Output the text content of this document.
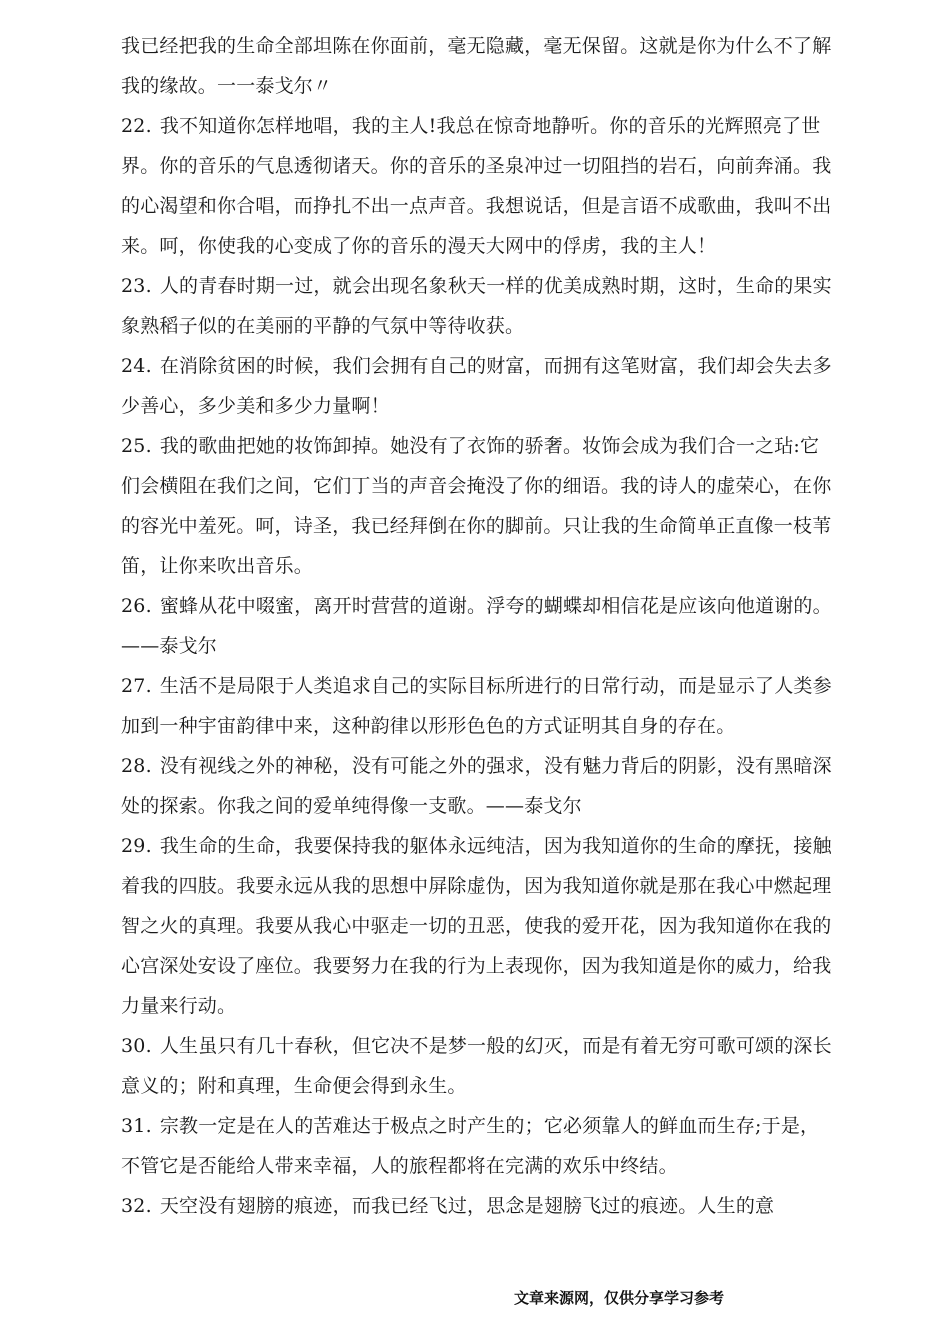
我已经把我的生命全部坦陈在你面前，毫无隐藏，毫无保留。这就是你为什么不了解我的缘故。一一泰戈尔〃

22. 我不知道你怎样地唱，我的主人!我总在惊奇地静听。你的音乐的光辉照亮了世界。你的音乐的气息透彻诸天。你的音乐的圣泉冲过一切阻挡的岩石，向前奔涌。我的心渴望和你合唱，而挣扎不出一点声音。我想说话，但是言语不成歌曲，我叫不出来。呵，你使我的心变成了你的音乐的漫天大网中的俘虏，我的主人！

23. 人的青春时期一过，就会出现名象秋天一样的优美成熟时期，这时，生命的果实象熟稻子似的在美丽的平静的气氛中等待收获。

24. 在消除贫困的时候，我们会拥有自己的财富，而拥有这笔财富，我们却会失去多少善心，多少美和多少力量啊！

25. 我的歌曲把她的妆饰卸掉。她没有了衣饰的骄奢。妆饰会成为我们合一之玷:它们会横阻在我们之间，它们丁当的声音会掩没了你的细语。我的诗人的虚荣心，在你的容光中羞死。呵，诗圣，我已经拜倒在你的脚前。只让我的生命简单正直像一枝苇笛，让你来吹出音乐。

26. 蜜蜂从花中啜蜜，离开时营营的道谢。浮夸的蝴蝶却相信花是应该向他道谢的。——泰戈尔

27. 生活不是局限于人类追求自己的实际目标所进行的日常行动，而是显示了人类参加到一种宇宙韵律中来，这种韵律以形形色色的方式证明其自身的存在。

28. 没有视线之外的神秘，没有可能之外的强求，没有魅力背后的阴影，没有黑暗深处的探索。你我之间的爱单纯得像一支歌。——泰戈尔

29. 我生命的生命，我要保持我的躯体永远纯洁，因为我知道你的生命的摩抚，接触着我的四肢。我要永远从我的思想中屏除虚伪，因为我知道你就是那在我心中燃起理智之火的真理。我要从我心中驱走一切的丑恶，使我的爱开花，因为我知道你在我的心宫深处安设了座位。我要努力在我的行为上表现你，因为我知道是你的威力，给我力量来行动。

30. 人生虽只有几十春秋，但它决不是梦一般的幻灭，而是有着无穷可歌可颂的深长意义的；附和真理，生命便会得到永生。

31. 宗教一定是在人的苦难达于极点之时产生的；它必须靠人的鲜血而生存;于是，不管它是否能给人带来幸福，人的旅程都将在完满的欢乐中终结。

32. 天空没有翅膀的痕迹，而我已经飞过，思念是翅膀飞过的痕迹。人生的意

文章来源网，仅供分享学习参考
